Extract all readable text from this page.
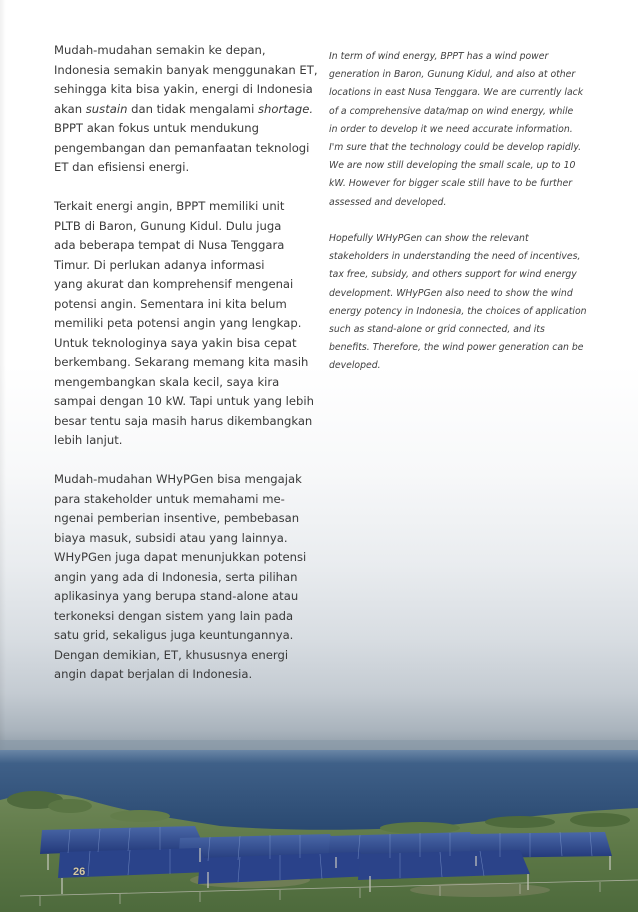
Mudah-mudahan semakin ke depan,
Indonesia semakin banyak menggunakan ET,
sehingga kita bisa yakin, energi di Indonesia
akan sustain dan tidak mengalami shortage.
BPPT akan fokus untuk mendukung
pengembangan dan pemanfaatan teknologi
ET dan efisiensi energi.

Terkait energi angin, BPPT memiliki unit
PLTB di Baron, Gunung Kidul. Dulu juga
ada beberapa tempat di Nusa Tenggara
Timur. Di perlukan adanya informasi
yang akurat dan komprehensif mengenai
potensi angin. Sementara ini kita belum
memiliki peta potensi angin yang lengkap.
Untuk teknologinya saya yakin bisa cepat
berkembang. Sekarang memang kita masih
mengembangkan skala kecil, saya kira
sampai dengan 10 kW. Tapi untuk yang lebih
besar tentu saja masih harus dikembangkan
lebih lanjut.

Mudah-mudahan WHyPGen bisa mengajak
para stakeholder untuk memahami me-
ngenai pemberian insentive, pembebasan
biaya masuk, subsidi atau yang lainnya.
WHyPGen juga dapat menunjukkan potensi
angin yang ada di Indonesia, serta pilihan
aplikasinya yang berupa stand-alone atau
terkoneksi dengan sistem yang lain pada
satu grid, sekaligus juga keuntungannya.
Dengan demikian, ET, khususnya energi
angin dapat berjalan di Indonesia.

In term of wind energy, BPPT has a wind power
generation in Baron, Gunung Kidul, and also at other
locations in east Nusa Tenggara. We are currently lack
of a comprehensive data/map on wind energy, while
in order to develop it we need accurate information.
I'm sure that the technology could be develop rapidly.
We are now still developing the small scale, up to 10
kW. However for bigger scale still have to be further
assessed and developed.

Hopefully WHyPGen can show the relevant
stakeholders in understanding the need of incentives,
tax free, subsidy, and others support for wind energy
development. WHyPGen also need to show the wind
energy potency in Indonesia, the choices of application
such as stand-alone or grid connected, and its
benefits. Therefore, the wind power generation can be
developed.

26
